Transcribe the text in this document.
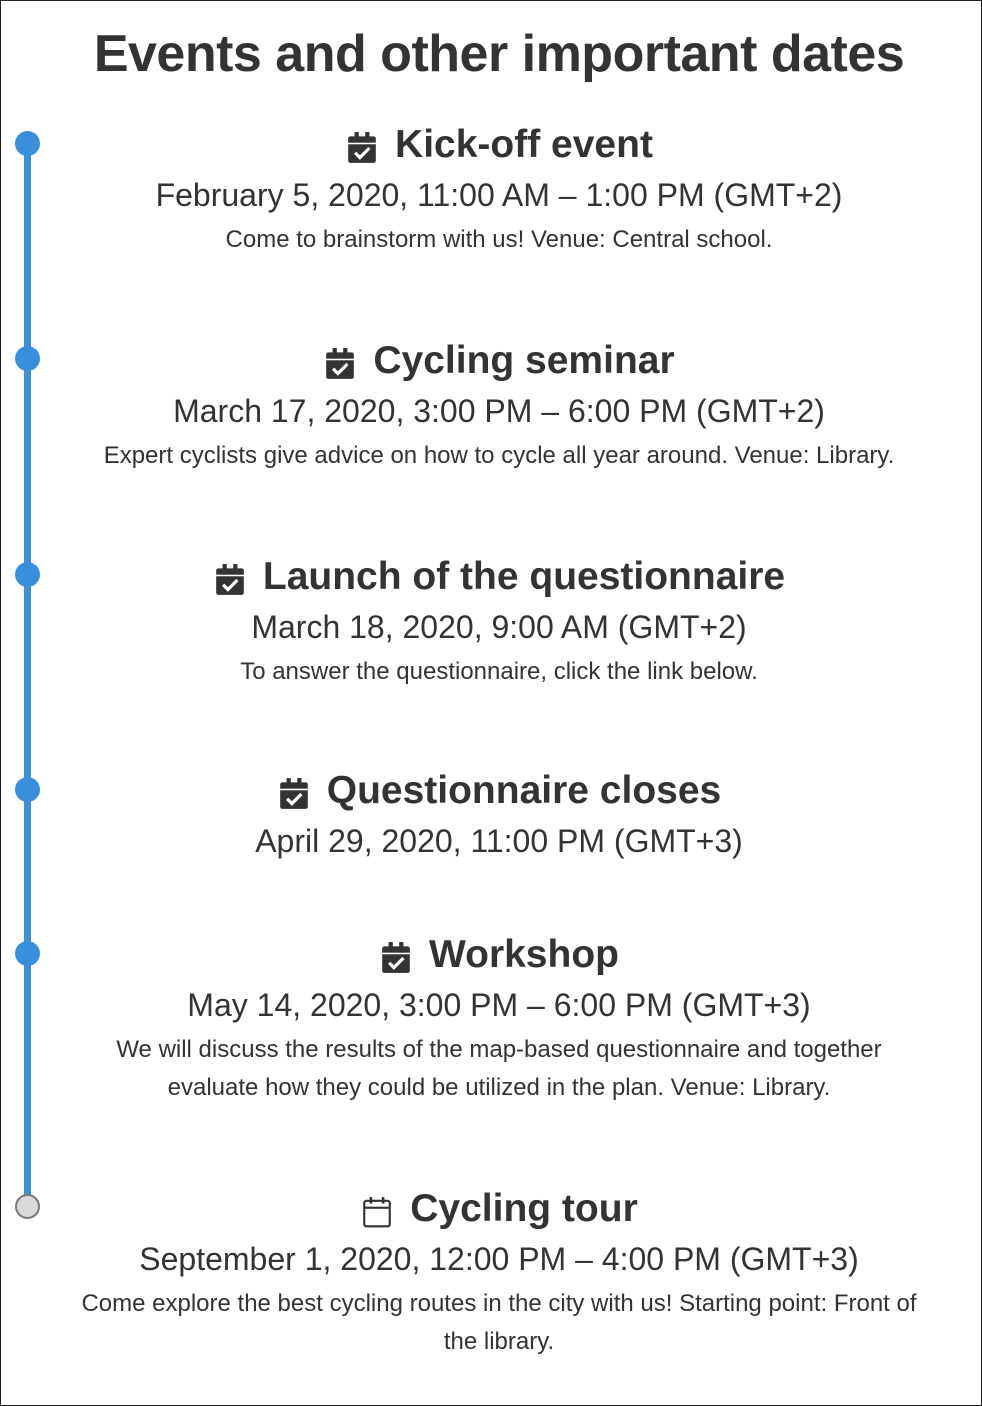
Events and other important dates
Kick-off event
February 5, 2020, 11:00 AM – 1:00 PM (GMT+2)
Come to brainstorm with us! Venue: Central school.
Cycling seminar
March 17, 2020, 3:00 PM – 6:00 PM (GMT+2)
Expert cyclists give advice on how to cycle all year around. Venue: Library.
Launch of the questionnaire
March 18, 2020, 9:00 AM (GMT+2)
To answer the questionnaire, click the link below.
Questionnaire closes
April 29, 2020, 11:00 PM (GMT+3)
Workshop
May 14, 2020, 3:00 PM – 6:00 PM (GMT+3)
We will discuss the results of the map-based questionnaire and together evaluate how they could be utilized in the plan. Venue: Library.
Cycling tour
September 1, 2020, 12:00 PM – 4:00 PM (GMT+3)
Come explore the best cycling routes in the city with us! Starting point: Front of the library.
